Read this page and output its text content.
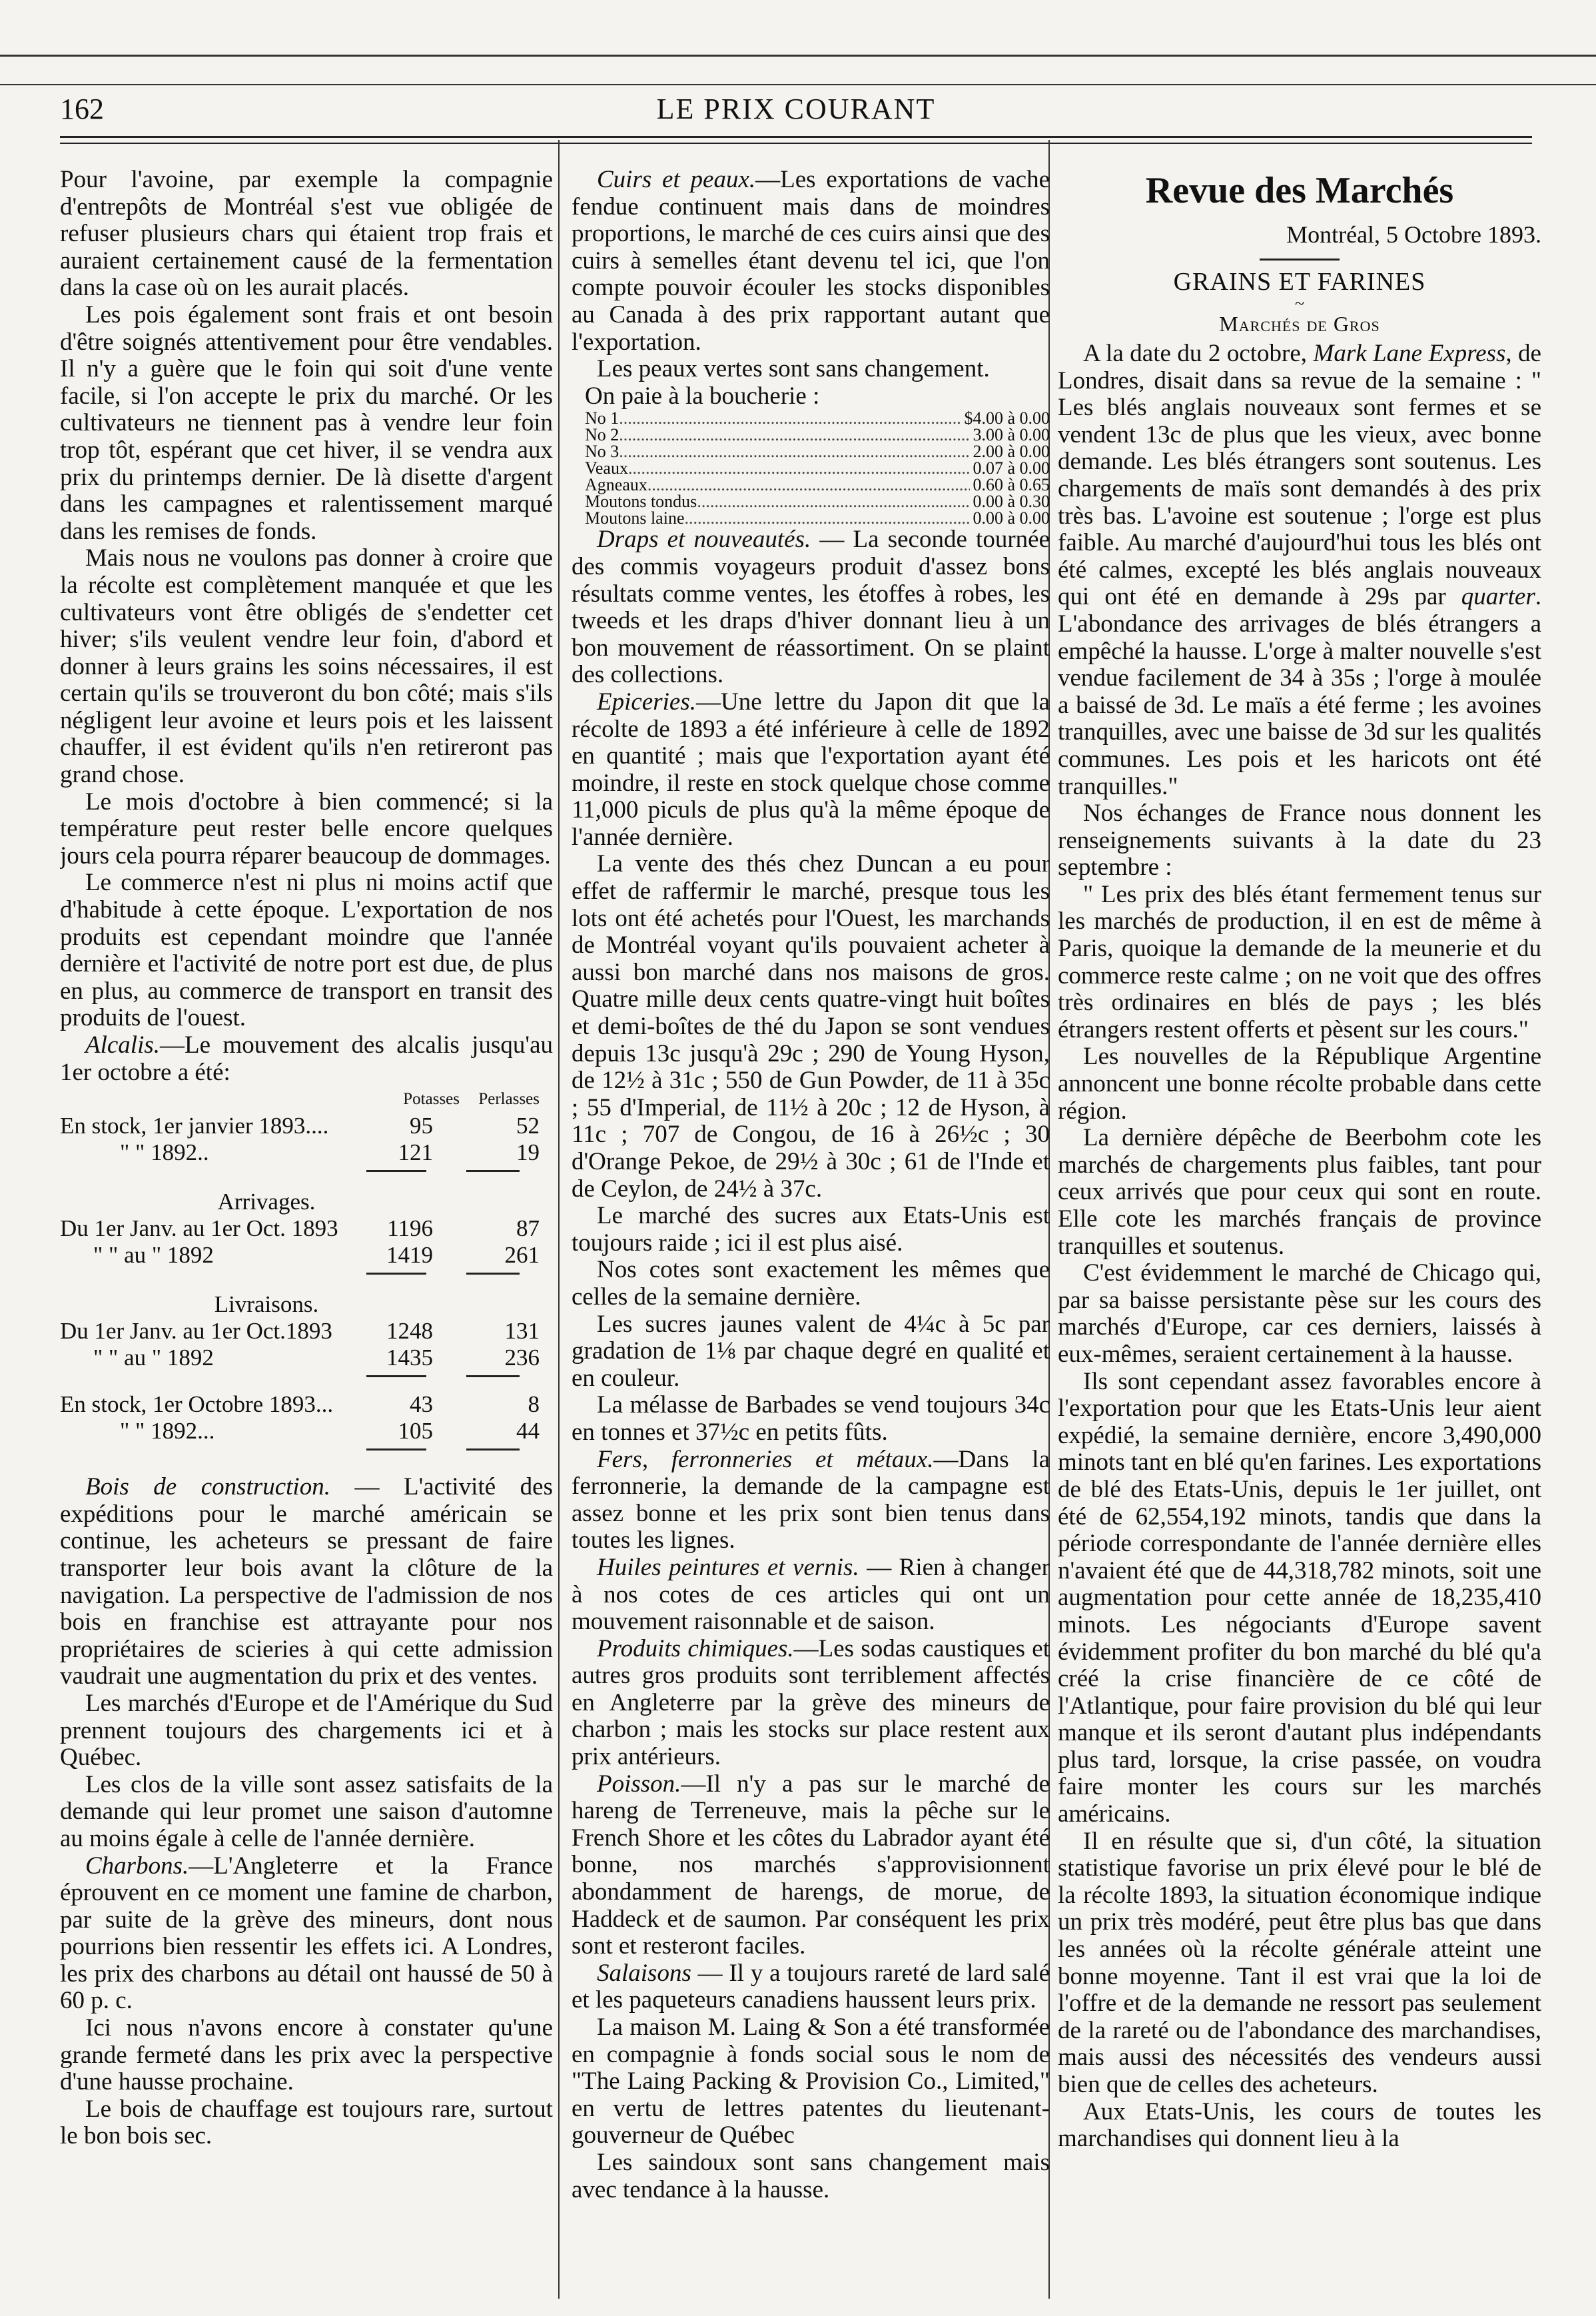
162	LE PRIX COURANT

Pour l'avoine, par exemple la compagnie d'entrepôts de Montréal s'est vue obligée de refuser plusieurs chars qui étaient trop frais et auraient certainement causé de la fermentation dans la case où on les aurait placés.

Les pois également sont frais et ont besoin d'être soignés attentivement pour être vendables. Il n'y a guère que le foin qui soit d'une vente facile, si l'on accepte le prix du marché. Or les cultivateurs ne tiennent pas à vendre leur foin trop tôt, espérant que cet hiver, il se vendra aux prix du printemps dernier. De là disette d'argent dans les campagnes et ralentissement marqué dans les remises de fonds.

Mais nous ne voulons pas donner à croire que la récolte est complètement manquée et que les cultivateurs vont être obligés de s'endetter cet hiver; s'ils veulent vendre leur foin, d'abord et donner à leurs grains les soins nécessaires, il est certain qu'ils se trouveront du bon côté; mais s'ils négligent leur avoine et leurs pois et les laissent chauffer, il est évident qu'ils n'en retireront pas grand chose.

Le mois d'octobre à bien commencé; si la température peut rester belle encore quelques jours cela pourra réparer beaucoup de dommages.

Le commerce n'est ni plus ni moins actif que d'habitude à cette époque. L'exportation de nos produits est cependant moindre que l'année dernière et l'activité de notre port est due, de plus en plus, au commerce de transport en transit des produits de l'ouest.

Alcalis.—Le mouvement des alcalis jusqu'au 1er octobre a été:

Potasses	Perlasses
En stock, 1er janvier 1893....	95	52
" " 1892..	121	19
Arrivages.
Du 1er Janv. au 1er Oct. 1893	1196	87
" " au " 1892	1419	261
Livraisons.
Du 1er Janv. au 1er Oct.1893	1248	131
" " au " 1892	1435	236
En stock, 1er Octobre 1893...	43	8
" " 1892...	105	44

Bois de construction. — L'activité des expéditions pour le marché américain se continue, les acheteurs se pressant de faire transporter leur bois avant la clôture de la navigation. La perspective de l'admission de nos bois en franchise est attrayante pour nos propriétaires de scieries à qui cette admission vaudrait une augmentation du prix et des ventes.

Les marchés d'Europe et de l'Amérique du Sud prennent toujours des chargements ici et à Québec.

Les clos de la ville sont assez satisfaits de la demande qui leur promet une saison d'automne au moins égale à celle de l'année dernière.

Charbons.—L'Angleterre et la France éprouvent en ce moment une famine de charbon, par suite de la grève des mineurs, dont nous pourrions bien ressentir les effets ici. A Londres, les prix des charbons au détail ont haussé de 50 à 60 p. c.

Ici nous n'avons encore à constater qu'une grande fermeté dans les prix avec la perspective d'une hausse prochaine.

Le bois de chauffage est toujours rare, surtout le bon bois sec.

Cuirs et peaux.—Les exportations de vache fendue continuent mais dans de moindres proportions, le marché de ces cuirs ainsi que des cuirs à semelles étant devenu tel ici, que l'on compte pouvoir écouler les stocks disponibles au Canada à des prix rapportant autant que l'exportation.

Les peaux vertes sont sans changement.

On paie à la boucherie :

No 1 .....	$4.00 à 0.00
No 2 .....	3.00 à 0.00
No 3 .....	2.00 à 0.00
Veaux .....	0.07 à 0.00
Agneaux .....	0.60 à 0.65
Moutons tondus .....	0.00 à 0.30
Moutons laine .....	0.00 à 0.00

Draps et nouveautés. — La seconde tournée des commis voyageurs produit d'assez bons résultats comme ventes, les étoffes à robes, les tweeds et les draps d'hiver donnant lieu à un bon mouvement de réassortiment. On se plaint des collections.

Epiceries.—Une lettre du Japon dit que la récolte de 1893 a été inférieure à celle de 1892 en quantité ; mais que l'exportation ayant été moindre, il reste en stock quelque chose comme 11,000 piculs de plus qu'à la même époque de l'année dernière.

La vente des thés chez Duncan a eu pour effet de raffermir le marché, presque tous les lots ont été achetés pour l'Ouest, les marchands de Montréal voyant qu'ils pouvaient acheter à aussi bon marché dans nos maisons de gros. Quatre mille deux cents quatre-vingt huit boîtes et demi-boîtes de thé du Japon se sont vendues depuis 13c jusqu'à 29c ; 290 de Young Hyson, de 12½ à 31c ; 550 de Gun Powder, de 11 à 35c ; 55 d'Imperial, de 11½ à 20c ; 12 de Hyson, à 11c ; 707 de Congou, de 16 à 26½c ; 30 d'Orange Pekoe, de 29½ à 30c ; 61 de l'Inde et de Ceylon, de 24½ à 37c.

Le marché des sucres aux Etats-Unis est toujours raide ; ici il est plus aisé.

Nos cotes sont exactement les mêmes que celles de la semaine dernière.

Les sucres jaunes valent de 4¼c à 5c par gradation de 1⅛ par chaque degré en qualité et en couleur.

La mélasse de Barbades se vend toujours 34c en tonnes et 37½c en petits fûts.

Fers, ferronneries et métaux.—Dans la ferronnerie, la demande de la campagne est assez bonne et les prix sont bien tenus dans toutes les lignes.

Huiles peintures et vernis. — Rien à changer à nos cotes de ces articles qui ont un mouvement raisonnable et de saison.

Produits chimiques.—Les sodas caustiques et autres gros produits sont terriblement affectés en Angleterre par la grève des mineurs de charbon ; mais les stocks sur place restent aux prix antérieurs.

Poisson.—Il n'y a pas sur le marché de hareng de Terreneuve, mais la pêche sur le French Shore et les côtes du Labrador ayant été bonne, nos marchés s'approvisionnent abondamment de harengs, de morue, de Haddeck et de saumon. Par conséquent les prix sont et resteront faciles.

Salaisons — Il y a toujours rareté de lard salé et les paqueteurs canadiens haussent leurs prix.

La maison M. Laing & Son a été transformée en compagnie à fonds social sous le nom de "The Laing Packing & Provision Co., Limited," en vertu de lettres patentes du lieutenant-gouverneur de Québec

Les saindoux sont sans changement mais avec tendance à la hausse.

Revue des Marchés
Montréal, 5 Octobre 1893.
GRAINS ET FARINES
~
Marchés de Gros

A la date du 2 octobre, Mark Lane Express, de Londres, disait dans sa revue de la semaine : " Les blés anglais nouveaux sont fermes et se vendent 13c de plus que les vieux, avec bonne demande. Les blés étrangers sont soutenus. Les chargements de maïs sont demandés à des prix très bas. L'avoine est soutenue ; l'orge est plus faible. Au marché d'aujourd'hui tous les blés ont été calmes, excepté les blés anglais nouveaux qui ont été en demande à 29s par quarter. L'abondance des arrivages de blés étrangers a empêché la hausse. L'orge à malter nouvelle s'est vendue facilement de 34 à 35s ; l'orge à moulée a baissé de 3d. Le maïs a été ferme ; les avoines tranquilles, avec une baisse de 3d sur les qualités communes. Les pois et les haricots ont été tranquilles."

Nos échanges de France nous donnent les renseignements suivants à la date du 23 septembre :

" Les prix des blés étant fermement tenus sur les marchés de production, il en est de même à Paris, quoique la demande de la meunerie et du commerce reste calme ; on ne voit que des offres très ordinaires en blés de pays ; les blés étrangers restent offerts et pèsent sur les cours."

Les nouvelles de la République Argentine annoncent une bonne récolte probable dans cette région.

La dernière dépêche de Beerbohm cote les marchés de chargements plus faibles, tant pour ceux arrivés que pour ceux qui sont en route. Elle cote les marchés français de province tranquilles et soutenus.

C'est évidemment le marché de Chicago qui, par sa baisse persistante pèse sur les cours des marchés d'Europe, car ces derniers, laissés à eux-mêmes, seraient certainement à la hausse.

Ils sont cependant assez favorables encore à l'exportation pour que les Etats-Unis leur aient expédié, la semaine dernière, encore 3,490,000 minots tant en blé qu'en farines. Les exportations de blé des Etats-Unis, depuis le 1er juillet, ont été de 62,554,192 minots, tandis que dans la période correspondante de l'année dernière elles n'avaient été que de 44,318,782 minots, soit une augmentation pour cette année de 18,235,410 minots. Les négociants d'Europe savent évidemment profiter du bon marché du blé qu'a créé la crise financière de ce côté de l'Atlantique, pour faire provision du blé qui leur manque et ils seront d'autant plus indépendants plus tard, lorsque, la crise passée, on voudra faire monter les cours sur les marchés américains.

Il en résulte que si, d'un côté, la situation statistique favorise un prix élevé pour le blé de la récolte 1893, la situation économique indique un prix très modéré, peut être plus bas que dans les années où la récolte générale atteint une bonne moyenne. Tant il est vrai que la loi de l'offre et de la demande ne ressort pas seulement de la rareté ou de l'abondance des marchandises, mais aussi des nécessités des vendeurs aussi bien que de celles des acheteurs.

Aux Etats-Unis, les cours de toutes les marchandises qui donnent lieu à la
